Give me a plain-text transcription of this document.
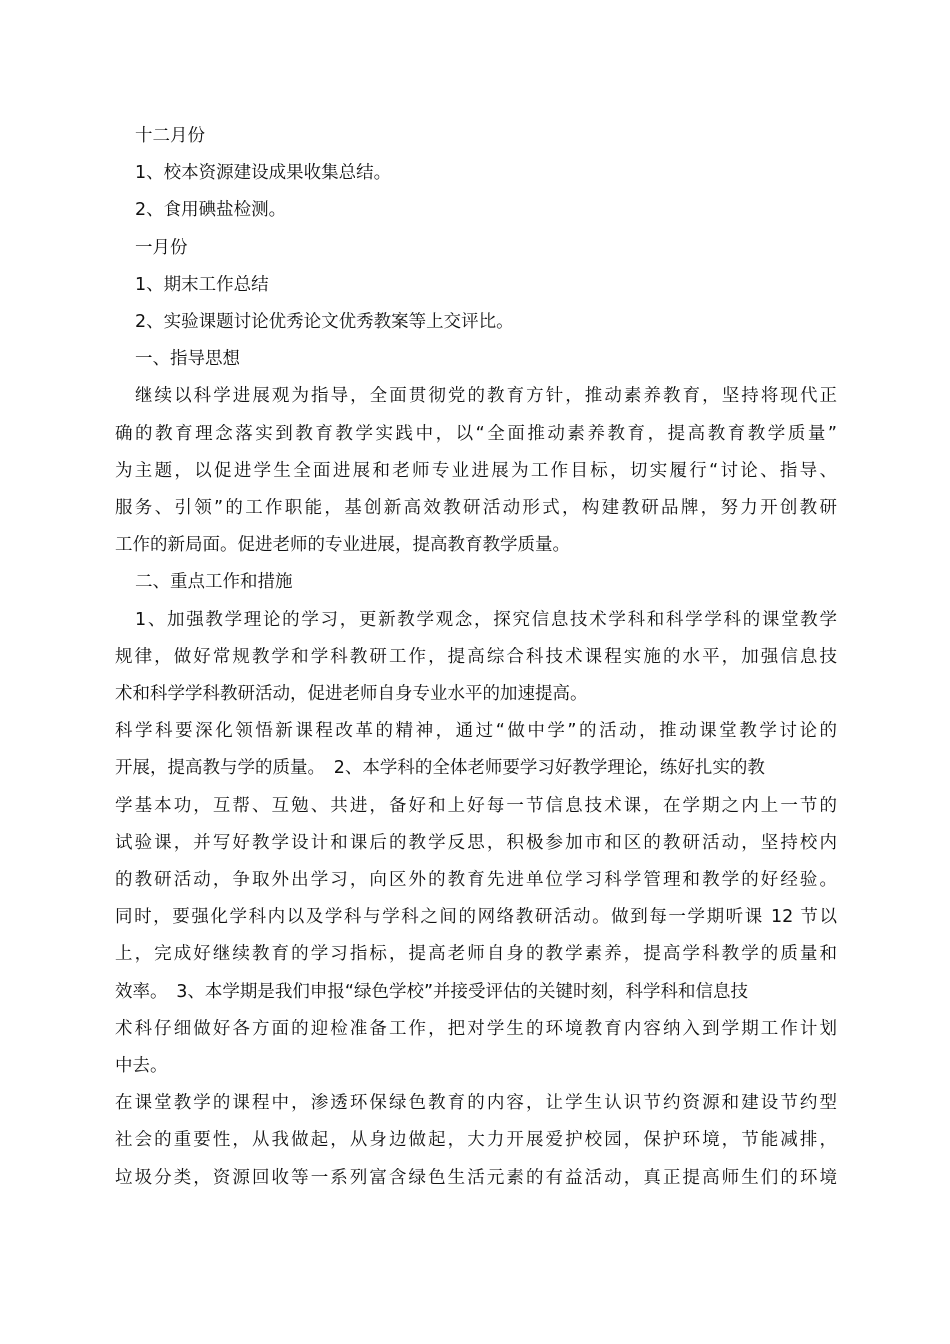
十二月份
1、校本资源建设成果收集总结。
2、食用碘盐检测。
一月份
1、期末工作总结
2、实验课题讨论优秀论文优秀教案等上交评比。
一、指导思想
继续以科学进展观为指导，全面贯彻党的教育方针，推动素养教育，坚持将现代正
确的教育理念落实到教育教学实践中，以“全面推动素养教育，提高教育教学质量”
为主题，以促进学生全面进展和老师专业进展为工作目标，切实履行“讨论、指导、
服务、引领”的工作职能，基创新高效教研活动形式，构建教研品牌，努力开创教研
工作的新局面。促进老师的专业进展，提高教育教学质量。
二、重点工作和措施
1、加强教学理论的学习，更新教学观念，探究信息技术学科和科学学科的课堂教学
规律，做好常规教学和学科教研工作，提高综合科技术课程实施的水平，加强信息技
术和科学学科教研活动，促进老师自身专业水平的加速提高。
科学科要深化领悟新课程改革的精神，通过“做中学”的活动，推动课堂教学讨论的
开展，提高教与学的质量。 2、本学科的全体老师要学习好教学理论，练好扎实的教
学基本功，互帮、互勉、共进，备好和上好每一节信息技术课，在学期之内上一节的
试验课，并写好教学设计和课后的教学反思，积极参加市和区的教研活动，坚持校内
的教研活动，争取外出学习，向区外的教育先进单位学习科学管理和教学的好经验。
同时，要强化学科内以及学科与学科之间的网络教研活动。做到每一学期听课 12 节以
上，完成好继续教育的学习指标，提高老师自身的教学素养，提高学科教学的质量和
效率。 3、本学期是我们申报“绿色学校”并接受评估的关键时刻，科学科和信息技
术科仔细做好各方面的迎检准备工作，把对学生的环境教育内容纳入到学期工作计划
中去。
在课堂教学的课程中，渗透环保绿色教育的内容，让学生认识节约资源和建设节约型
社会的重要性，从我做起，从身边做起，大力开展爱护校园，保护环境，节能减排，
垃圾分类，资源回收等一系列富含绿色生活元素的有益活动，真正提高师生们的环境
